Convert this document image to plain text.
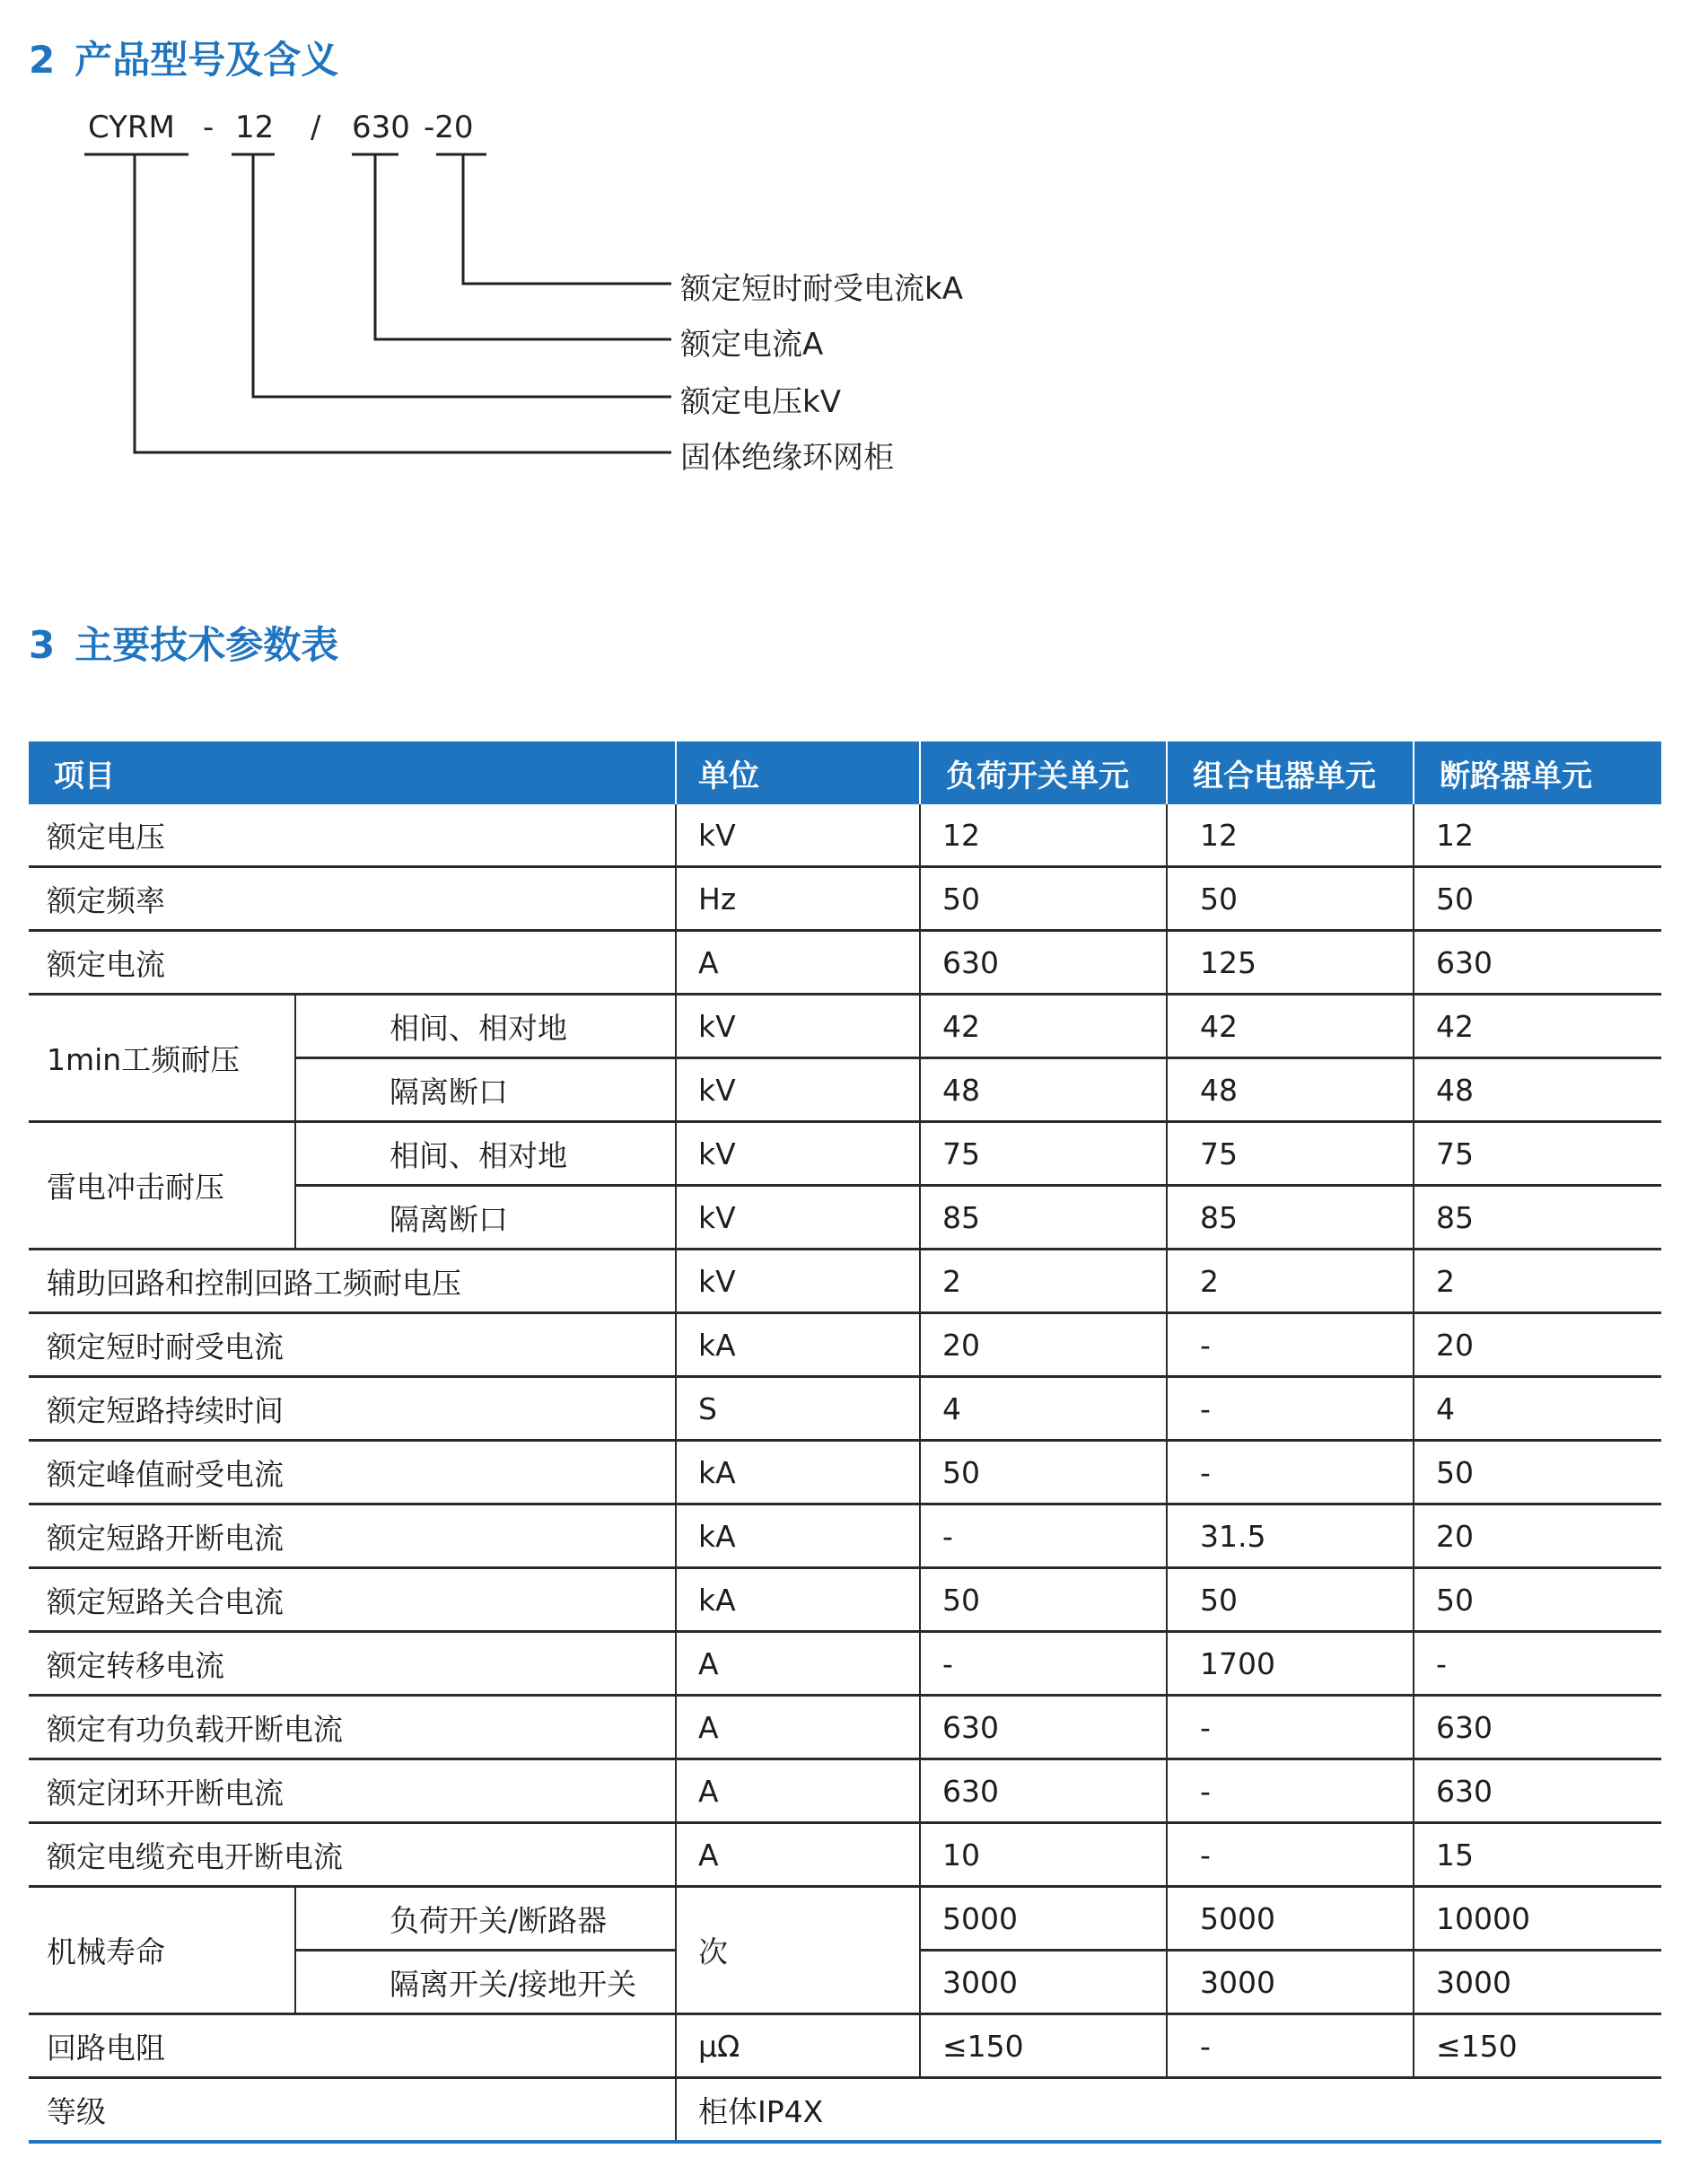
2 产品型号及含义
CYRM - 12 / 630 -20
额定短时耐受电流kA
额定电流A
额定电压kV
固体绝缘环网柜
3 主要技术参数表
项目		单位	负荷开关单元	组合电器单元	断路器单元
额定电压		kV	12	12	12
额定频率		Hz	50	50	50
额定电流		A	630	125	630
1min工频耐压	相间、相对地	kV	42	42	42
	隔离断口	kV	48	48	48
雷电冲击耐压	相间、相对地	kV	75	75	75
	隔离断口	kV	85	85	85
辅助回路和控制回路工频耐电压		kV	2	2	2
额定短时耐受电流		kA	20	-	20
额定短路持续时间		S	4	-	4
额定峰值耐受电流		kA	50	-	50
额定短路开断电流		kA	-	31.5	20
额定短路关合电流		kA	50	50	50
额定转移电流		A	-	1700	-
额定有功负载开断电流		A	630	-	630
额定闭环开断电流		A	630	-	630
额定电缆充电开断电流		A	10	-	15
机械寿命	负荷开关/断路器	次	5000	5000	10000
	隔离开关/接地开关		3000	3000	3000
回路电阻		μΩ	≤150	-	≤150
等级		柜体IP4X			
